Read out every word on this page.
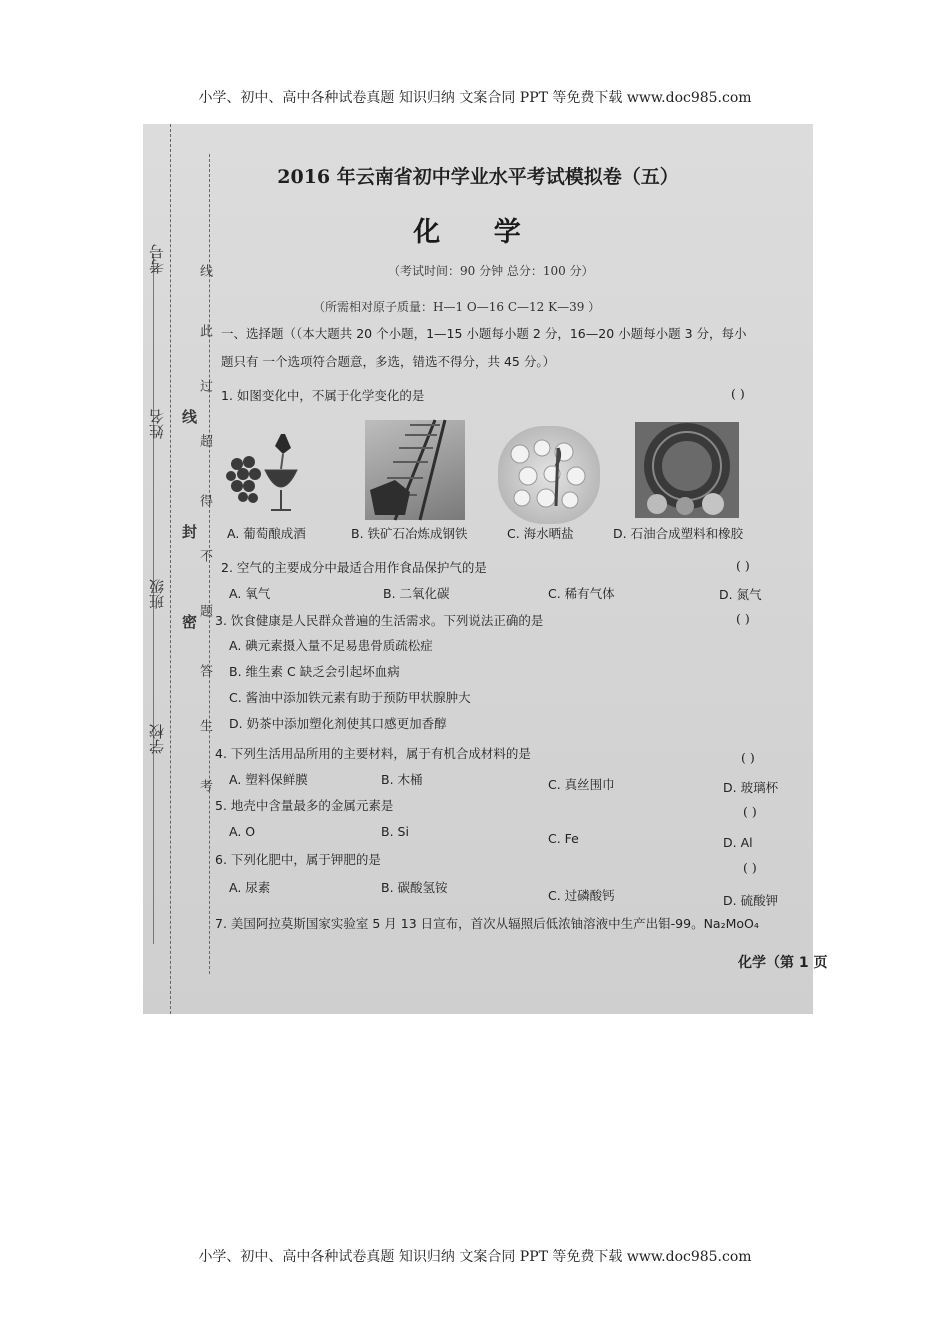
小学、初中、高中各种试卷真题 知识归纳 文案合同 PPT 等免费下载 www.doc985.com
考号
姓名
班级
学校
线
封
密
线
此
过
超
得
不
题
答
生
考
2016 年云南省初中学业水平考试模拟卷（五）
化 学
（考试时间：90 分钟 总分：100 分）
（所需相对原子质量：H—1 O—16 C—12 K—39 ）
一、选择题（（本大题共 20 个小题，1—15 小题每小题 2 分，16—20 小题每小题 3 分，每小
题只有 一个选项符合题意，多选，错选不得分，共 45 分。）
1. 如图变化中，不属于化学变化的是	( )
A. 葡萄酿成酒	B. 铁矿石冶炼成钢铁	C. 海水晒盐	D. 石油合成塑料和橡胶
2. 空气的主要成分中最适合用作食品保护气的是	( )
A. 氧气	B. 二氧化碳	C. 稀有气体	D. 氮气
3. 饮食健康是人民群众普遍的生活需求。下列说法正确的是	( )
A. 碘元素摄入量不足易患骨质疏松症
B. 维生素 C 缺乏会引起坏血病
C. 酱油中添加铁元素有助于预防甲状腺肿大
D. 奶茶中添加塑化剂使其口感更加香醇
4. 下列生活用品所用的主要材料，属于有机合成材料的是	( )
A. 塑料保鲜膜	B. 木桶	C. 真丝围巾	D. 玻璃杯
5. 地壳中含量最多的金属元素是	( )
A. O	B. Si	C. Fe	D. Al
6. 下列化肥中，属于钾肥的是
( )
A. 尿素	B. 碳酸氢铵
C. 过磷酸钙	D. 硫酸钾
7. 美国阿拉莫斯国家实验室 5 月 13 日宣布，首次从辐照后低浓铀溶液中生产出钼-99。Na₂MoO₄
化学（第 1 页
小学、初中、高中各种试卷真题 知识归纳 文案合同 PPT 等免费下载 www.doc985.com
